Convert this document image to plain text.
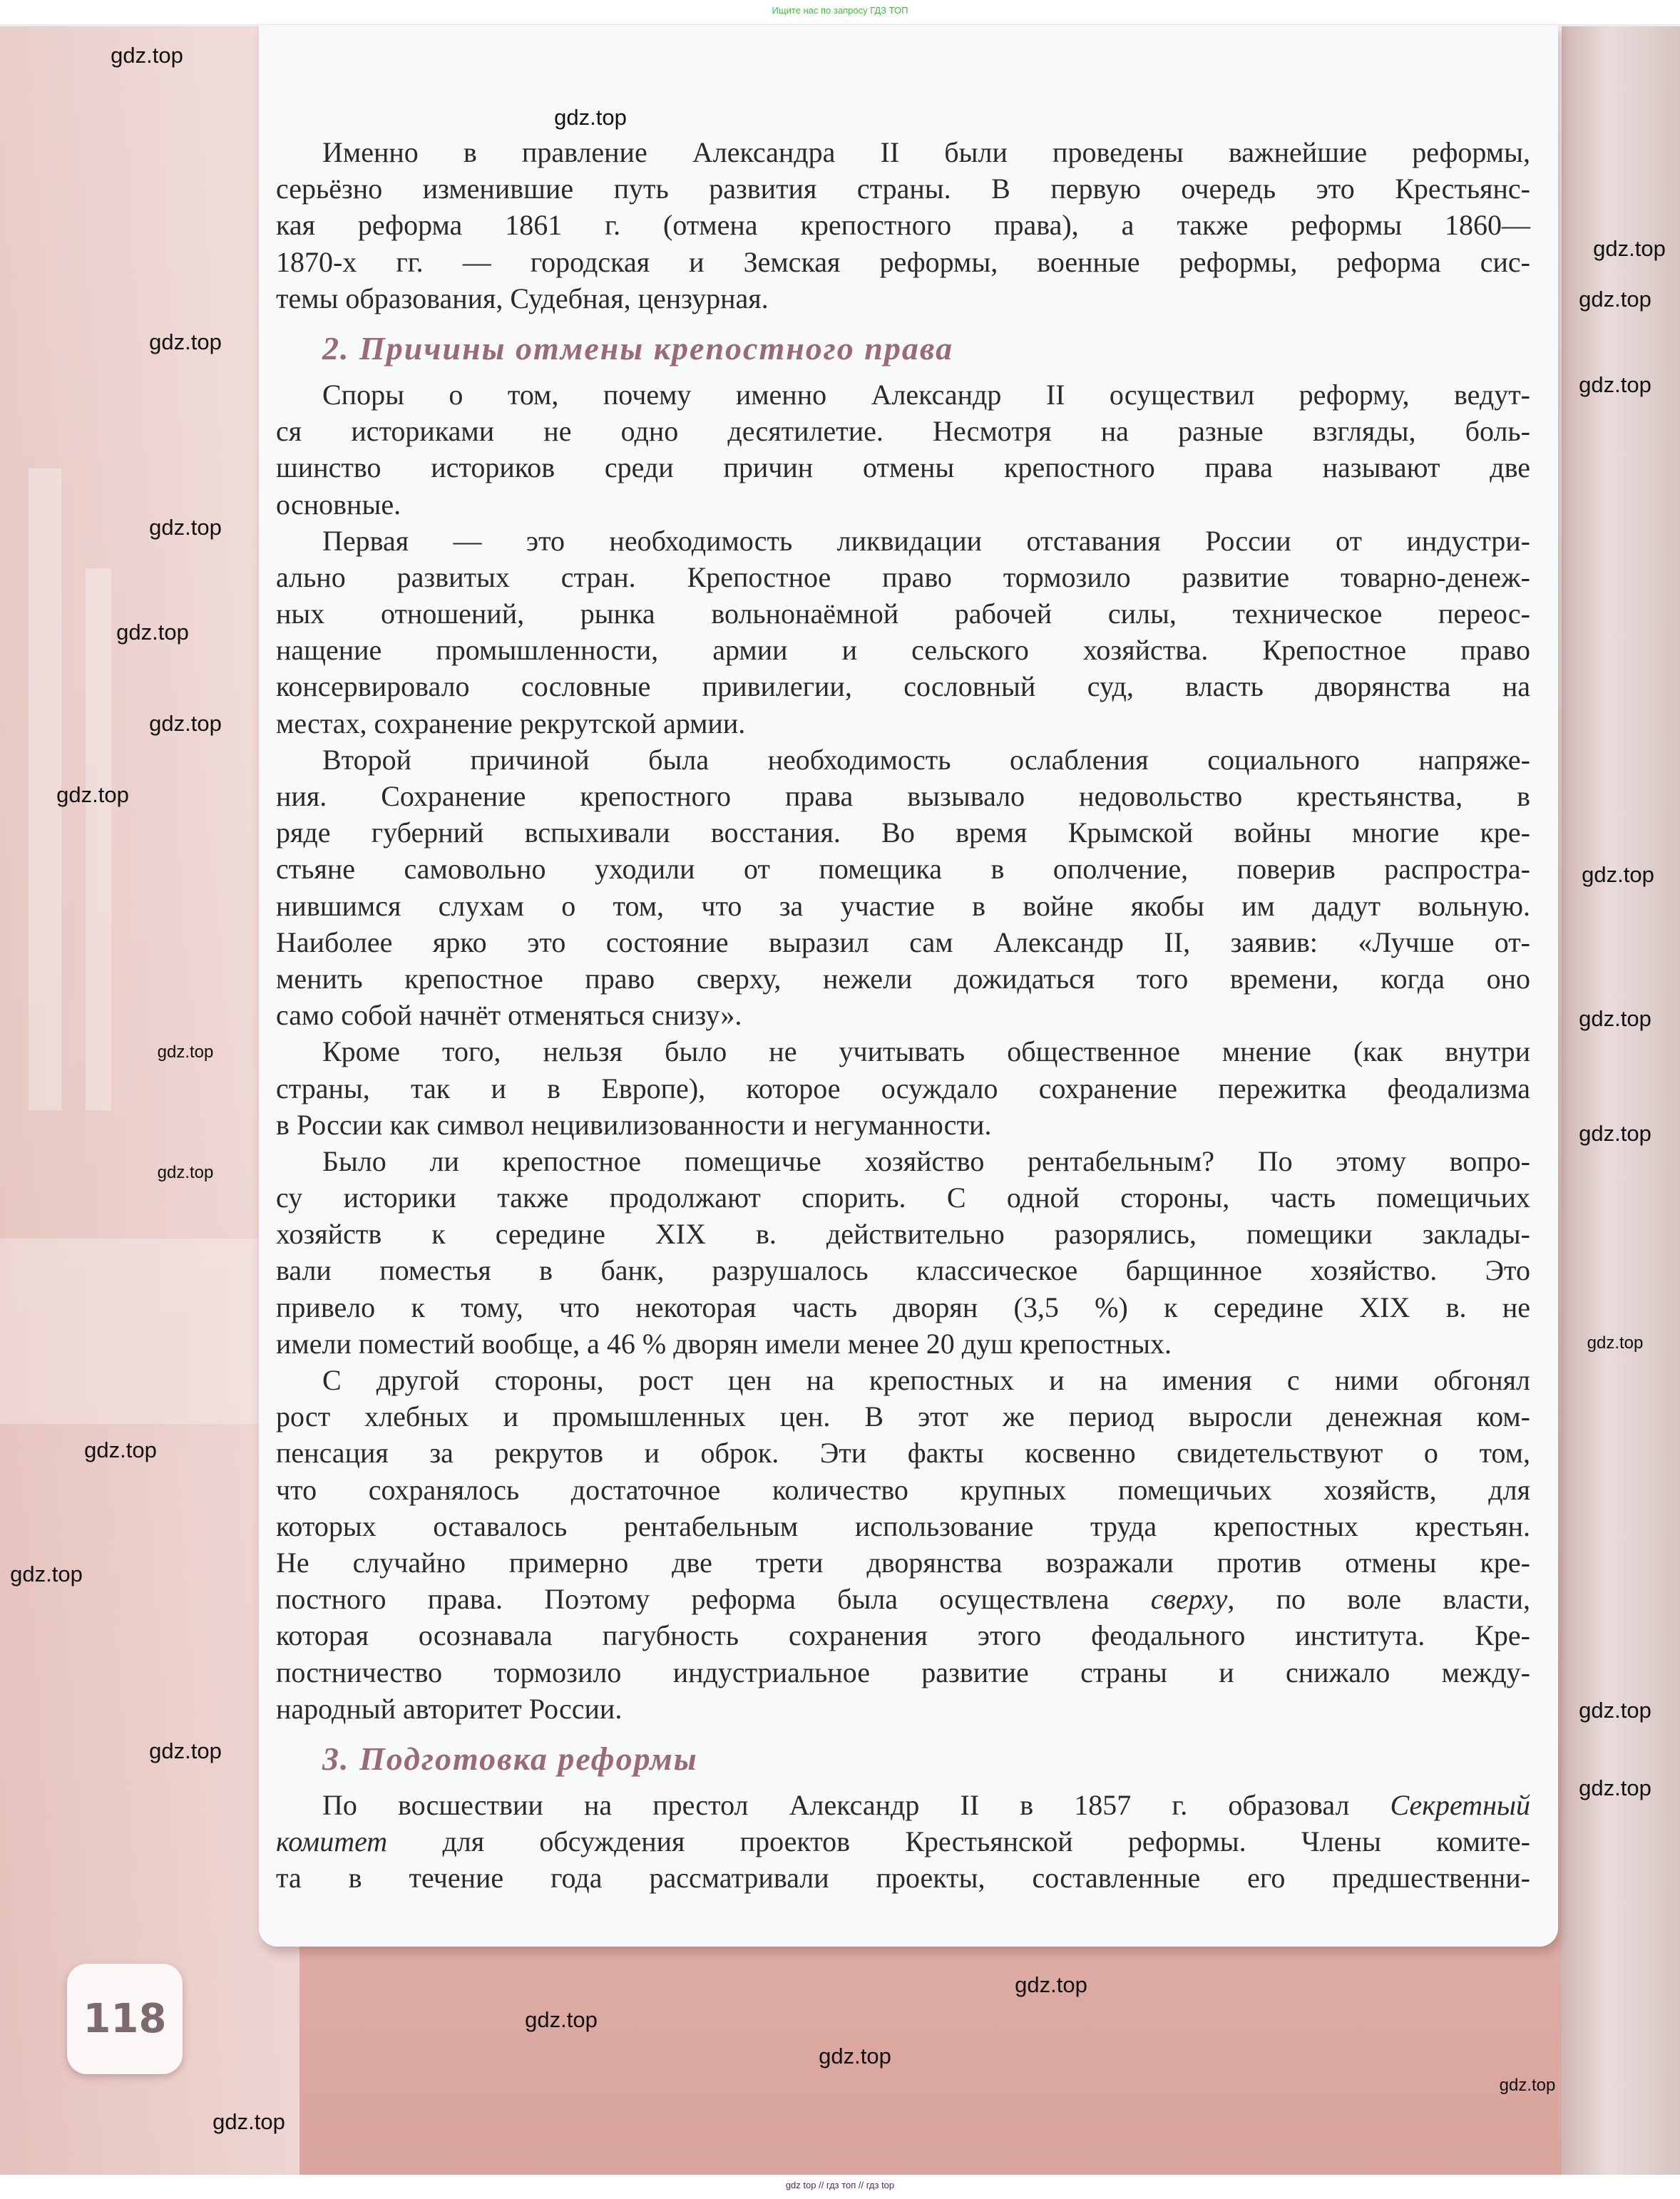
Ищите нас по запросу ГДЗ ТОП
Именно в правление Александра II были проведены важнейшие реформы,
серьёзно изменившие путь развития страны. В первую очередь это Крестьянс-
кая реформа 1861 г. (отмена крепостного права), а также реформы 1860—
1870-х гг. — городская и Земская реформы, военные реформы, реформа сис-
темы образования, Судебная, цензурная.
2. Причины отмены крепостного права
Споры о том, почему именно Александр II осуществил реформу, ведут-
ся историками не одно десятилетие. Несмотря на разные взгляды, боль-
шинство историков среди причин отмены крепостного права называют две
основные.
Первая — это необходимость ликвидации отставания России от индустри-
ально развитых стран. Крепостное право тормозило развитие товарно-денеж-
ных отношений, рынка вольнонаёмной рабочей силы, техническое переос-
нащение промышленности, армии и сельского хозяйства. Крепостное право
консервировало сословные привилегии, сословный суд, власть дворянства на
местах, сохранение рекрутской армии.
Второй причиной была необходимость ослабления социального напряже-
ния. Сохранение крепостного права вызывало недовольство крестьянства, в
ряде губерний вспыхивали восстания. Во время Крымской войны многие кре-
стьяне самовольно уходили от помещика в ополчение, поверив распростра-
нившимся слухам о том, что за участие в войне якобы им дадут вольную.
Наиболее ярко это состояние выразил сам Александр II, заявив: «Лучше от-
менить крепостное право сверху, нежели дожидаться того времени, когда оно
само собой начнёт отменяться снизу».
Кроме того, нельзя было не учитывать общественное мнение (как внутри
страны, так и в Европе), которое осуждало сохранение пережитка феодализма
в России как символ нецивилизованности и негуманности.
Было ли крепостное помещичье хозяйство рентабельным? По этому вопро-
су историки также продолжают спорить. С одной стороны, часть помещичьих
хозяйств к середине XIX в. действительно разорялись, помещики заклады-
вали поместья в банк, разрушалось классическое барщинное хозяйство. Это
привело к тому, что некоторая часть дворян (3,5 %) к середине XIX в. не
имели поместий вообще, а 46 % дворян имели менее 20 душ крепостных.
С другой стороны, рост цен на крепостных и на имения с ними обгонял
рост хлебных и промышленных цен. В этот же период выросли денежная ком-
пенсация за рекрутов и оброк. Эти факты косвенно свидетельствуют о том,
что сохранялось достаточное количество крупных помещичьих хозяйств, для
которых оставалось рентабельным использование труда крепостных крестьян.
Не случайно примерно две трети дворянства возражали против отмены кре-
постного права. Поэтому реформа была осуществлена сверху, по воле власти,
которая осознавала пагубность сохранения этого феодального института. Кре-
постничество тормозило индустриальное развитие страны и снижало между-
народный авторитет России.
3. Подготовка реформы
По восшествии на престол Александр II в 1857 г. образовал Секретный
комитет для обсуждения проектов Крестьянской реформы. Члены комите-
та в течение года рассматривали проекты, составленные его предшественни-
118
gdz.top
gdz.top
gdz.top
gdz.top
gdz.top
gdz.top
gdz.top
gdz.top
gdz.top
gdz.top
gdz.top
gdz.top
gdz.top
gdz.top
gdz.top
gdz.top
gdz.top
gdz.top
gdz.top
gdz.top
gdz.top
gdz.top
gdz.top
gdz.top
gdz.top
gdz.top
gdz top // гдз топ // гдз top
